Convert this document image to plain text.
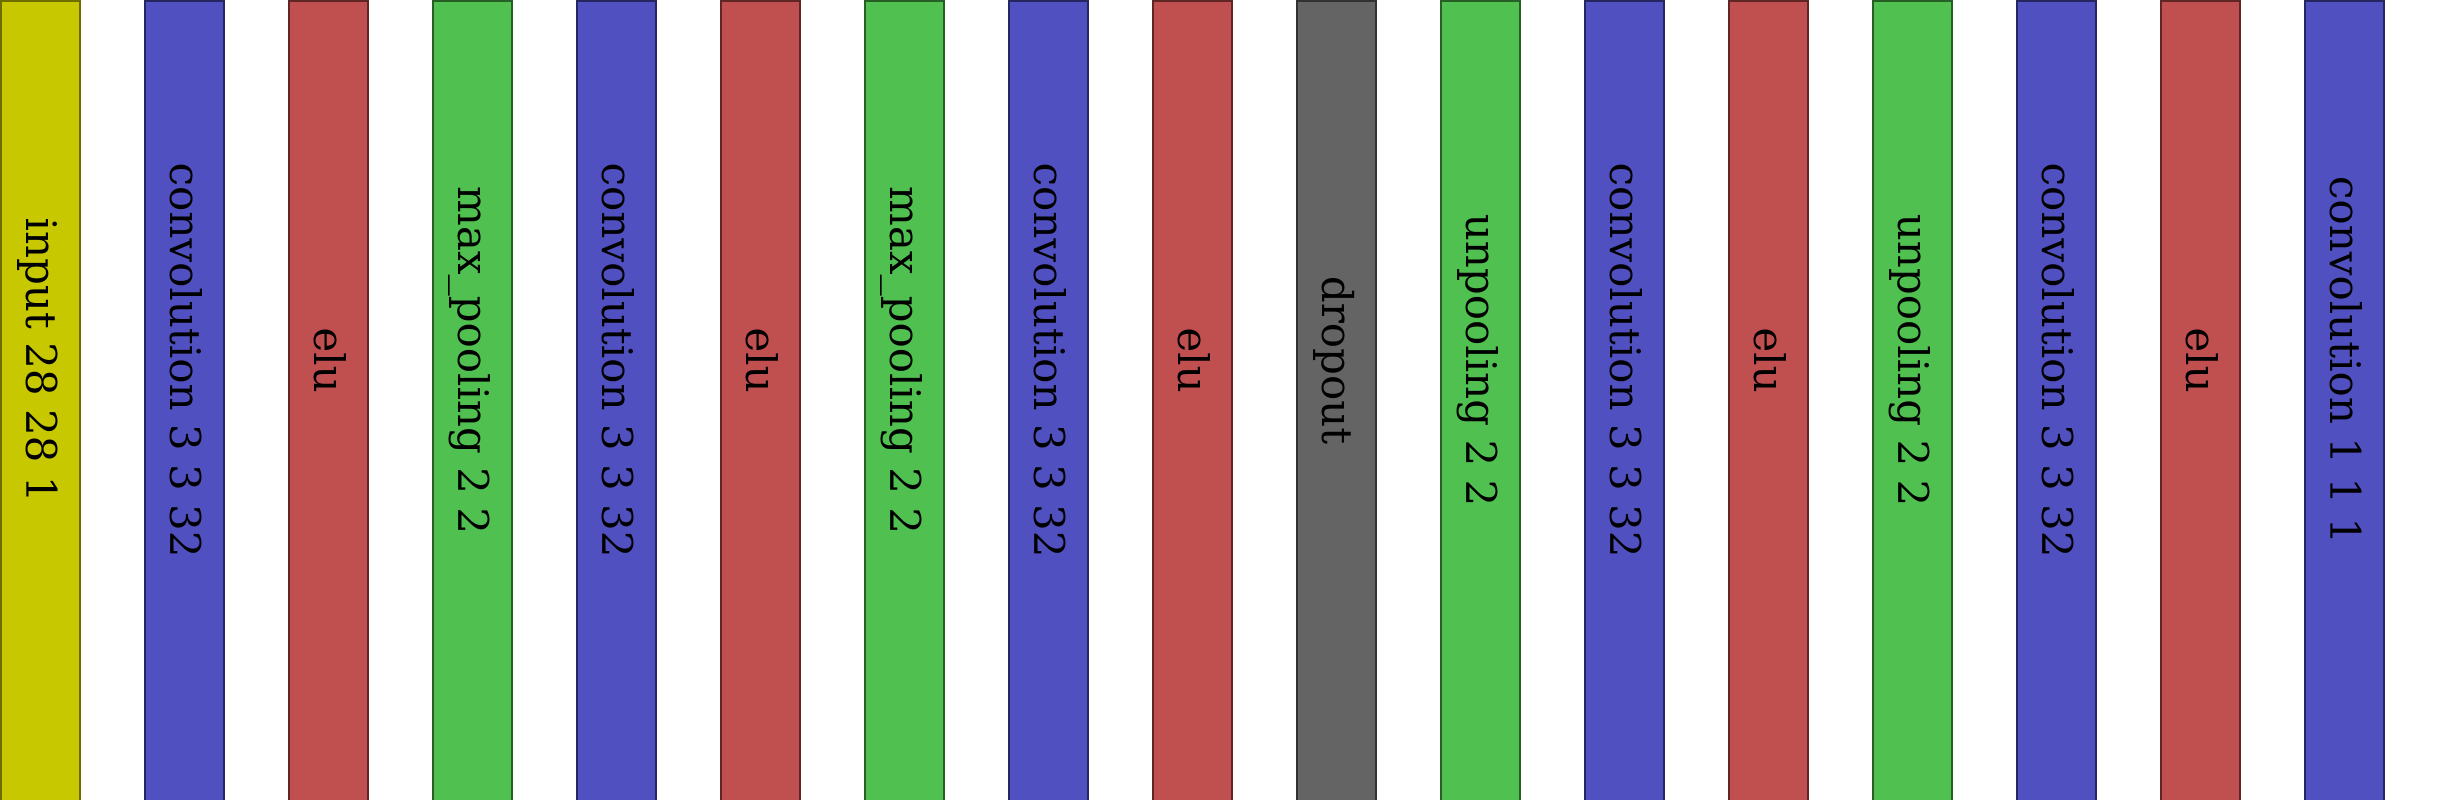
input 28 28 1 convolution 3 3 32 elu max_pooling 2 2 convolution 3 3 32 elu max_pooling 2 2 convolution 3 3 32 elu dropout unpooling 2 2 convolution 3 3 32 elu unpooling 2 2 convolution 3 3 32 elu convolution 1 1 1
